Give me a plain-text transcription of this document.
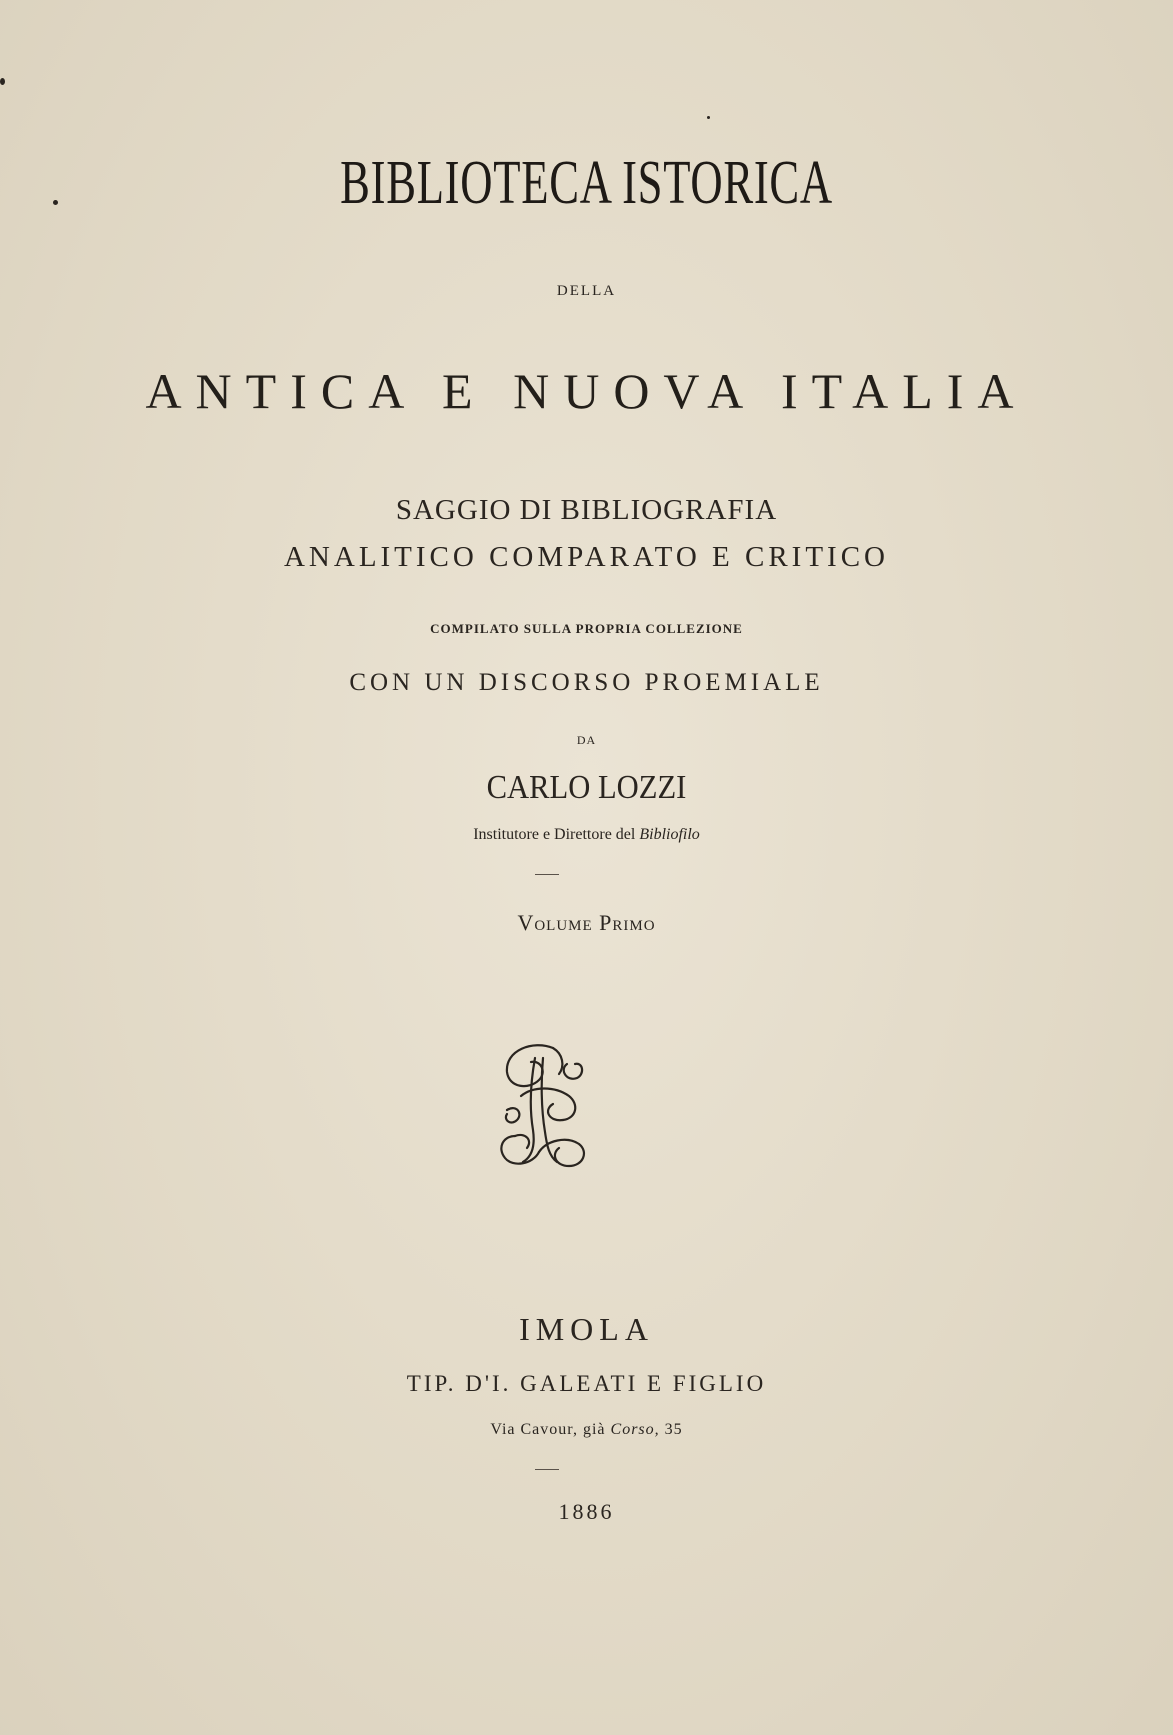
BIBLIOTECA ISTORICA
DELLA
ANTICA E NUOVA ITALIA
SAGGIO DI BIBLIOGRAFIA
ANALITICO COMPARATO E CRITICO
COMPILATO SULLA PROPRIA COLLEZIONE
CON UN DISCORSO PROEMIALE
DA
CARLO LOZZI
Institutore e Direttore del Bibliofilo
Volume Primo
IMOLA
TIP. D'I. GALEATI E FIGLIO
Via Cavour, già Corso, 35
1886
